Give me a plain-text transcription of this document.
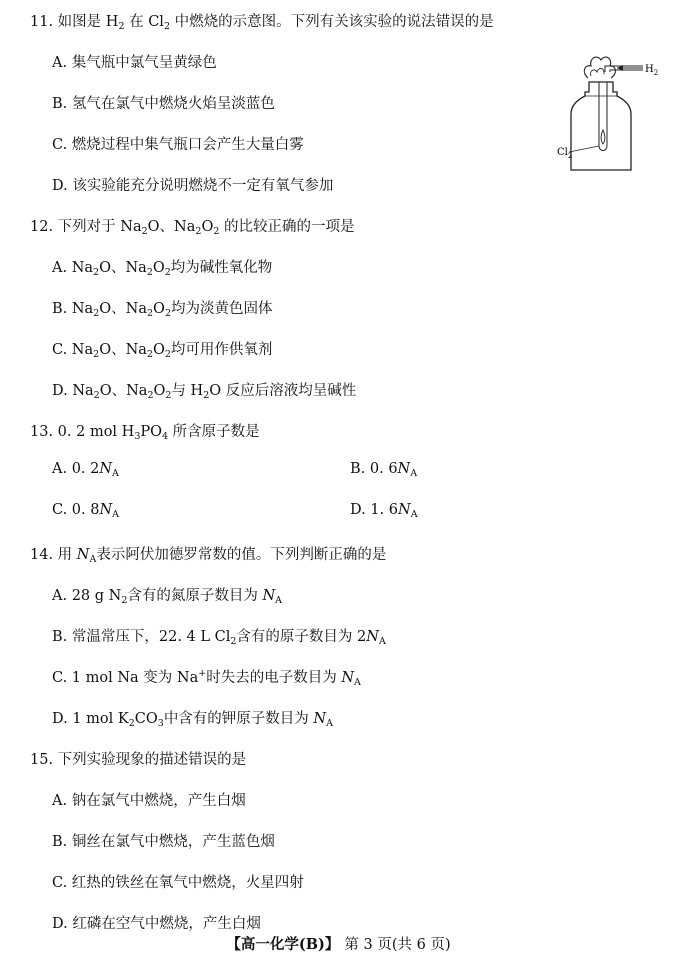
11. 如图是 $H_2$ 在 $Cl_2$ 中燃烧的示意图。下列有关该实验的说法错误的是
A. 集气瓶中氯气呈黄绿色
B. 氢气在氯气中燃烧火焰呈淡蓝色
C. 燃烧过程中集气瓶口会产生大量白雾
D. 该实验能充分说明燃烧不一定有氧气参加
$H_2$
$Cl_2$
12. 下列对于 $Na_2O$、$Na_2O_2$ 的比较正确的一项是
A. $Na_2O$、$Na_2O_2$均为碱性氧化物
B. $Na_2O$、$Na_2O_2$均为淡黄色固体
C. $Na_2O$、$Na_2O_2$均可用作供氧剂
D. $Na_2O$、$Na_2O_2$与 $H_2O$ 反应后溶液均呈碱性
13. 0. 2 mol $H_3PO_4$ 所含原子数是
A. 0. $2N_A$	B. 0. $6N_A$
C. 0. $8N_A$	D. 1. $6N_A$
14. 用 $N_A$表示阿伏加德罗常数的值。下列判断正确的是
A. 28 g $N_2$含有的氮原子数目为 $N_A$
B. 常温常压下，22. 4 L $Cl_2$含有的原子数目为 $2N_A$
C. 1 mol Na 变为 Na+时失去的电子数目为 $N_A$
D. 1 mol $K_2CO_3$中含有的钾原子数目为 $N_A$
15. 下列实验现象的描述错误的是
A. 钠在氯气中燃烧，产生白烟
B. 铜丝在氯气中燃烧，产生蓝色烟
C. 红热的铁丝在氧气中燃烧，火星四射
D. 红磷在空气中燃烧，产生白烟
【高一化学(B)】 第 3 页(共 6 页)
